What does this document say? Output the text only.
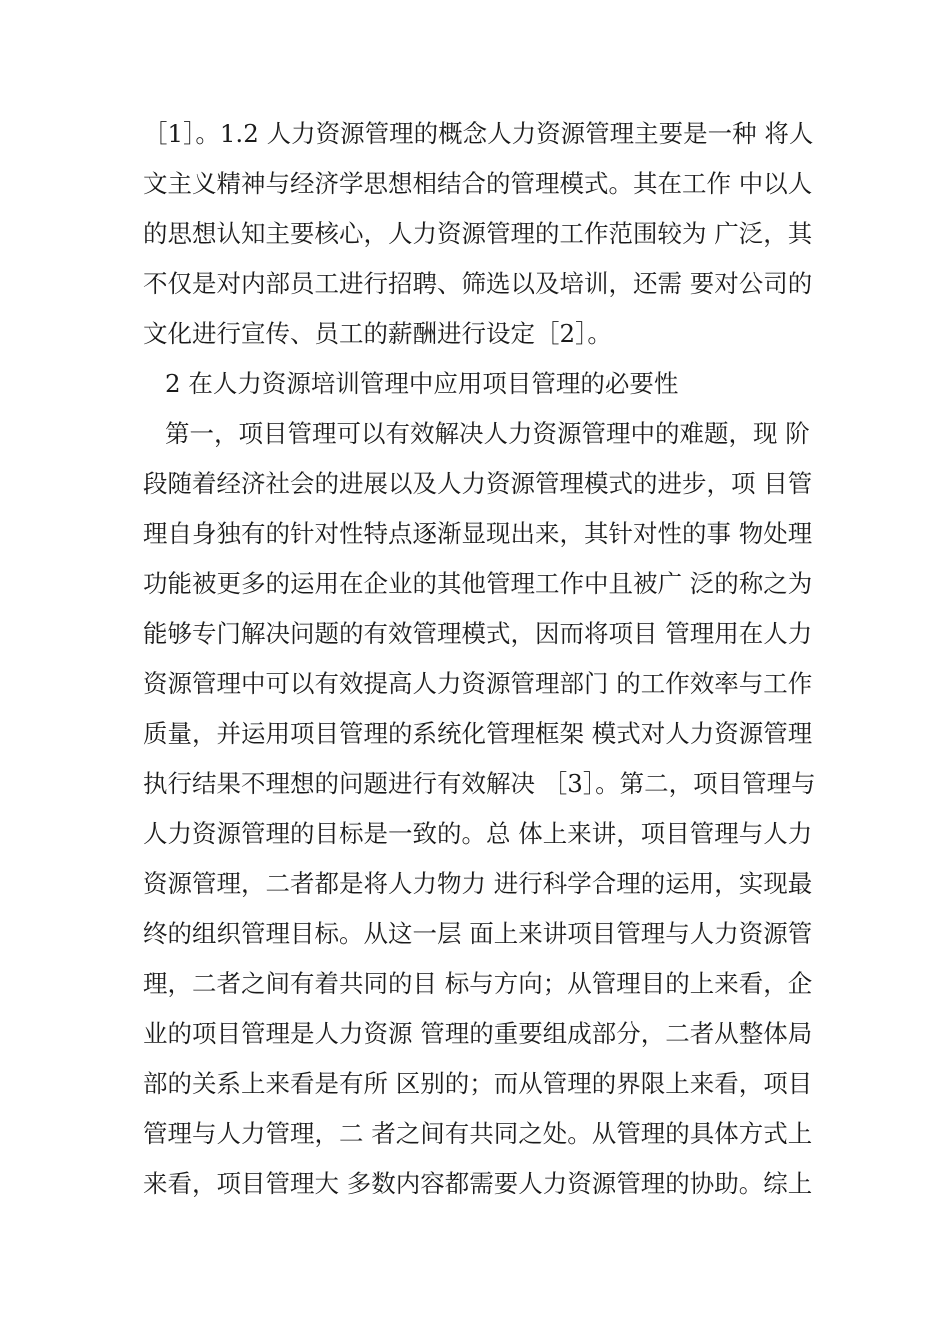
［1］。1.2 人力资源管理的概念人力资源管理主要是一种 将人
文主义精神与经济学思想相结合的管理模式。其在工作 中以人
的思想认知主要核心，人力资源管理的工作范围较为 广泛，其
不仅是对内部员工进行招聘、筛选以及培训，还需 要对公司的
文化进行宣传、员工的薪酬进行设定［2］。
2 在人力资源培训管理中应用项目管理的必要性
第一，项目管理可以有效解决人力资源管理中的难题，现 阶
段随着经济社会的进展以及人力资源管理模式的进步，项 目管
理自身独有的针对性特点逐渐显现出来，其针对性的事 物处理
功能被更多的运用在企业的其他管理工作中且被广 泛的称之为
能够专门解决问题的有效管理模式，因而将项目 管理用在人力
资源管理中可以有效提高人力资源管理部门 的工作效率与工作
质量，并运用项目管理的系统化管理框架 模式对人力资源管理
执行结果不理想的问题进行有效解决 ［3］。第二，项目管理与
人力资源管理的目标是一致的。总 体上来讲，项目管理与人力
资源管理，二者都是将人力物力 进行科学合理的运用，实现最
终的组织管理目标。从这一层 面上来讲项目管理与人力资源管
理，二者之间有着共同的目 标与方向；从管理目的上来看，企
业的项目管理是人力资源 管理的重要组成部分，二者从整体局
部的关系上来看是有所 区别的；而从管理的界限上来看，项目
管理与人力管理，二 者之间有共同之处。从管理的具体方式上
来看，项目管理大 多数内容都需要人力资源管理的协助。综上
